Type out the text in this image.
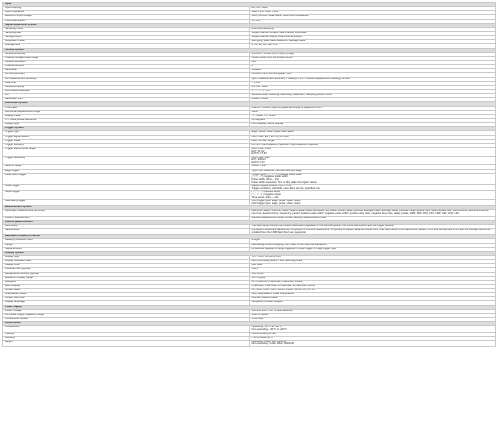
Input	
Input coupling	AC, DC, GND
Input impedance	1MΩ ± 2%, 16pF ± 3pF
Maximum input voltage	400V (DC+AC peak value, 1MΩ input impedance)
Probe attenuation	1X, 10X
Signal acquisition system	
Sampling mode	Real-time sampling
Sampling rate	Single channel 1GSa/s, dual channel 500MSa/s
Storage depth	Single channel 40kpts, Dual channel 20kpts
Acquisition mode	Sampling, peak value detection, average value
Average time	4, 16, 32, 64, 128, 256
Vertical system	
Vertical sensitivity	2mV/div ~ 5V/div (1-2-5 step by step)
Channel voltage offset range	±10div offset from the screen center
Vertical resolution	8bit
Channel amount	2
Bandwidth	100MHz
AC and accuracy	2mV/div: ±4%, the rest grade: ±3%
DC measurement accuracy	±[DC measurement accuracy × reading + 3% × vertical displacement reading] +0.3div
Rise time	< 3.5ns
Vertical coupling	AC, DC, GND
Arithmetical operation	+ , − , × , ÷ , FFT
FFT	Window mode: Hanning, Hamming, Blackman, Sampling points: 1024
Bandwidth limit	20MHz (±4dB)
Horizontal system	
Time base	2ns/div ~ 50s/div, step 12 grade according to sequence 1-2-5
Horizontal displacement range	10div
Display mode	Y-T mode, X-Y mode
X-Y mode phase difference	±3 Degrees
Display type	Point display, vector display
Trigger system	
Trigger type	Edge, pulse, video, slope, alternation
Trigger signal source	CH1, CH2, EXT, EXT/5, AC Line
Trigger mode	Auto, normal, single
Trigger coupling	DC, AC, Low-frequency rejection, high-frequency rejection
Trigger electric level range	CH1, CH2: ±5div
EXT: ±1.5V
EXT/5: ±7.5V
Trigger sensitivity	CH1, CH2: 1div
EXT: 200mV
EXT/5: ±1V
Slew off range	100ns ~ 10s
Edge trigger	Type: rise, descend, rise and descend edge
Pulse width trigger	Trigger type: ( > , < , = ) positive pulse width
( > , < , = ) negative pulse width
Pulse width: 20ns ~ 10s
Pulse width resolution: 5ns or fifty (take the higher value)
Video trigger	Support signal system: PAL, NTSC
Trigger condition: odd field, even field, all row, specified row
Slope trigger	( > , < , = ) positive slope
( > , < , = ) negative slope
Time setup: 20ns ~ 10s
Alternating trigger	CH1 trigger type: edge, pulse, video, slope
CH2 trigger type: edge, pulse, video, slope
Measurement system	
Automatic measurement (32 kinds)	Maximum value, minimum value, peak to peak value, amplitude, top value, bottom value, periodic average value, average value, periodic mean square root, mean square root, rise extreme, descend extreme, rise time, descend time, frequency, period, positive pulse width, negative pulse width, positive duty ratio, negative duty ratio, delay, phase, FRR, FRF, FFR, FFF, LRR, LRF, LFR, LFF
Cursor measurement	Manual measurement mode, cursor tracking measurement mode
Control panel function	
Auto setup	The auto setup function can realize automatic regulation of the vertical system, the horizontal system and the trigger position
Saved/recall	2 groups of reference waveforms, 16 groups of common waveforms, 16 groups of setups, save and recall from USB flash drive of the waveforms, setups, CSV and bitmap files (CSV and the bitmaps cannot be recalled from the USB flash disc) are supported
Hardware frequency counter	
Reading resolution ratio	6 digits
Range	Alternating current coupling, from 10Hz to the maximal bandwidth
Signal amount	All sources capable of being triggered in pulse trigger or edge trigger type
Display system	
Display type	TFT 7-inch (178mm) LCD
Display resolution ratio	800 (horizontal) pixels × 480 (vertical) pixels
Display color	64K color
Contrast ratio (typical)	500:1
Background intensity (typical)	300 nit/m2
Waveform display range	14 × 8 grids
Afterglow	Off, 1 second, 2 seconds, 5 seconds, infinite
Menu display	2 seconds, 5 seconds, 10 seconds, 20 seconds, infinite
Screen saver	Off, 1min, 2min, 5min, 10min, 15min, 30min, 1h, 2h, 5h
Interpolation mode	Sine interpolation, linear interpolation
Screen color skin	Normal, inverse phase
Display language	Simplified Chinese, English
Power supply	
Power voltage	100-240 VAC, CAT II, auto selection
AC power supply frequency range	45Hz to 440Hz
Consumption power	30VA Max
Environment	
Temperature	Operating: -10°C to +40°C
Non-operating: -20°C to +60°C
Cooling	Forced cooling of fan
Humidity	< 90% below 40°C
Height	Operating: under 3km (9842ft)
Non-operating: under 15km (49212ft)
